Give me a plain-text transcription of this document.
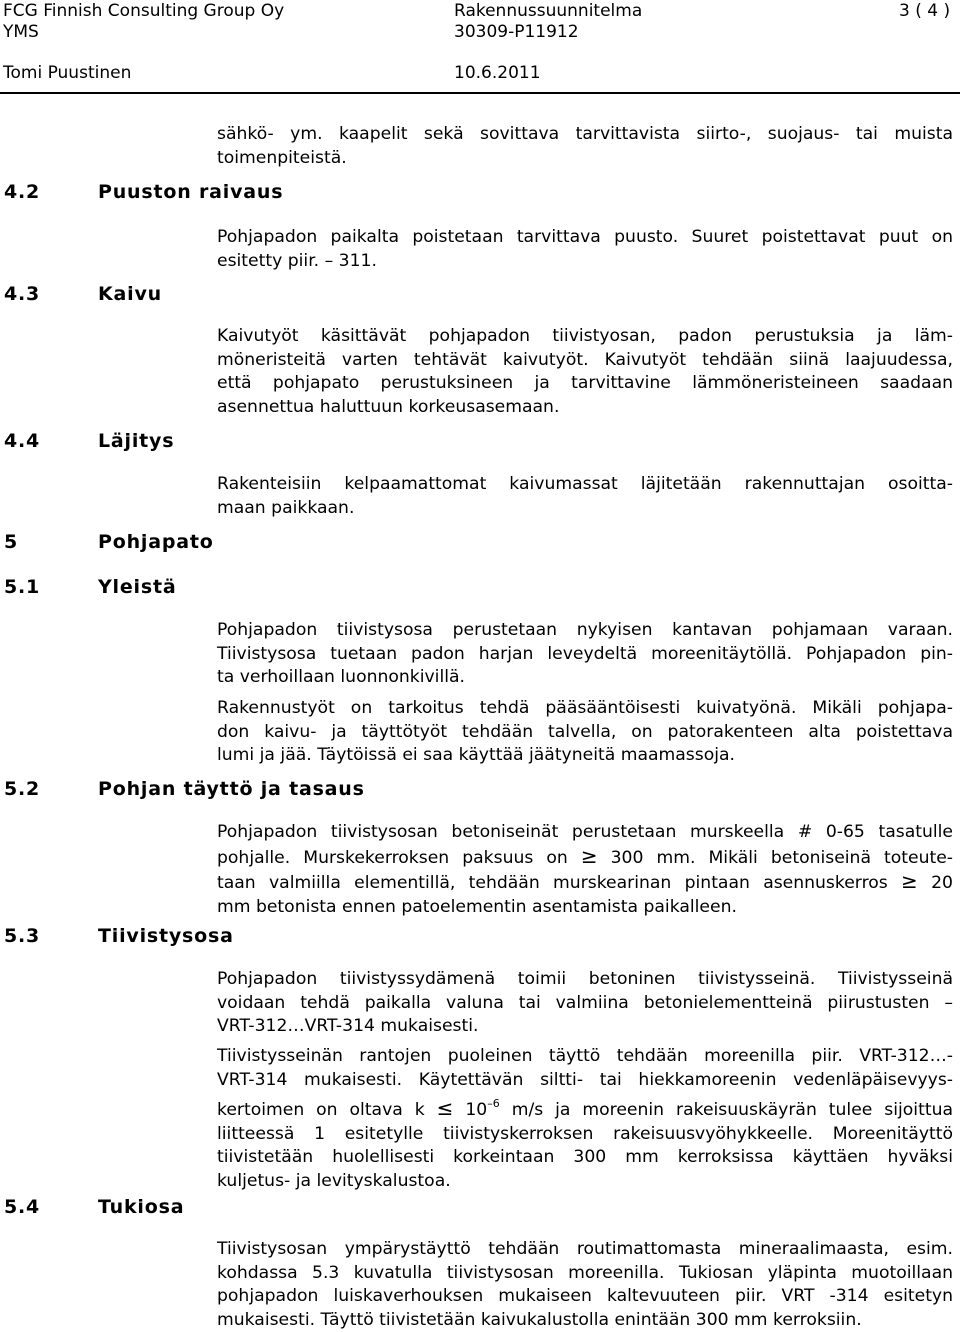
FCG Finnish Consulting Group Oy
YMS
Tomi Puustinen
Rakennussuunnitelma
30309-P11912
10.6.2011
3 ( 4 )
4.2	Puuston raivaus
4.3	Kaivu
4.4	Läjitys
5	Pohjapato
5.1	Yleistä
5.2	Pohjan täyttö ja tasaus
5.3	Tiivistysosa
5.4	Tukiosa
sähkö- ym. kaapelit sekä sovittava tarvittavista siirto-, suojaus- tai muista
toimenpiteistä.
Pohjapadon paikalta poistetaan tarvittava puusto. Suuret poistettavat puut on
esitetty piir. – 311.
Kaivutyöt käsittävät pohjapadon tiivistyosan, padon perustuksia ja läm-
möneristeitä varten tehtävät kaivutyöt. Kaivutyöt tehdään siinä laajuudessa,
että pohjapato perustuksineen ja tarvittavine lämmöneristeineen saadaan
asennettua haluttuun korkeusasemaan.
Rakenteisiin kelpaamattomat kaivumassat läjitetään rakennuttajan osoitta-
maan paikkaan.
Pohjapadon tiivistysosa perustetaan nykyisen kantavan pohjamaan varaan.
Tiivistysosa tuetaan padon harjan leveydeltä moreenitäytöllä. Pohjapadon pin-
ta verhoillaan luonnonkivillä.
Rakennustyöt on tarkoitus tehdä pääsääntöisesti kuivatyönä. Mikäli pohjapa-
don kaivu- ja täyttötyöt tehdään talvella, on patorakenteen alta poistettava
lumi ja jää. Täytöissä ei saa käyttää jäätyneitä maamassoja.
Pohjapadon tiivistysosan betoniseinät perustetaan murskeella # 0-65 tasatulle
pohjalle. Murskekerroksen paksuus on ≥ 300 mm. Mikäli betoniseinä toteute-
taan valmiilla elementillä, tehdään murskearinan pintaan asennuskerros ≥ 20
mm betonista ennen patoelementin asentamista paikalleen.
Pohjapadon tiivistyssydämenä toimii betoninen tiivistysseinä. Tiivistysseinä
voidaan tehdä paikalla valuna tai valmiina betonielementteinä piirustusten –
VRT-312…VRT-314 mukaisesti.
Tiivistysseinän rantojen puoleinen täyttö tehdään moreenilla piir. VRT-312…-
VRT-314 mukaisesti. Käytettävän siltti- tai hiekkamoreenin vedenläpäisevyys-
kertoimen on oltava $k \le 10^{-6}$ m/s ja moreenin rakeisuuskäyrän tulee sijoittua
liitteessä 1 esitetylle tiivistyskerroksen rakeisuusvyöhykkeelle. Moreenitäyttö
tiivistetään huolellisesti korkeintaan 300 mm kerroksissa käyttäen hyväksi
kuljetus- ja levityskalustoa.
Tiivistysosan ympärystäyttö tehdään routimattomasta mineraalimaasta, esim.
kohdassa 5.3 kuvatulla tiivistysosan moreenilla. Tukiosan yläpinta muotoillaan
pohjapadon luiskaverhouksen mukaiseen kaltevuuteen piir. VRT -314 esitetyn
mukaisesti. Täyttö tiivistetään kaivukalustolla enintään 300 mm kerroksiin.
